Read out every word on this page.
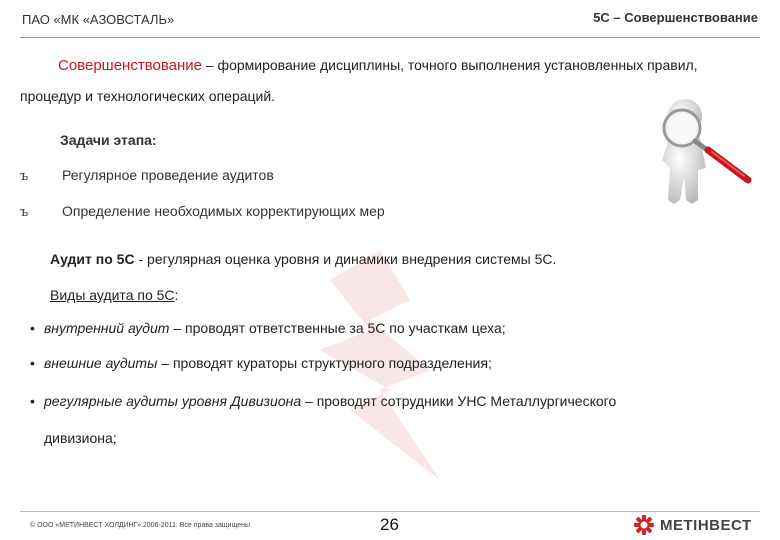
ПАО «МК «АЗОВСТАЛЬ»	5С – Совершенствование
Совершенствование – формирование дисциплины, точного выполнения установленных правил, процедур и технологических операций.
Задачи этапа:
ъ Регулярное проведение аудитов
ъ Определение необходимых корректирующих мер
Аудит по 5С - регулярная оценка уровня и динамики внедрения системы 5С.
Виды аудита по 5С:
• внутренний аудит – проводят ответственные за 5С по участкам цеха;
• внешние аудиты – проводят кураторы структурного подразделения;
• регулярные аудиты уровня Дивизиона – проводят сотрудники УНС Металлургического
дивизиона;
© ООО «МЕТИНВЕСТ ХОЛДИНГ» 2006-2011. Все права защищены	26	МЕТІНВЕСТ
